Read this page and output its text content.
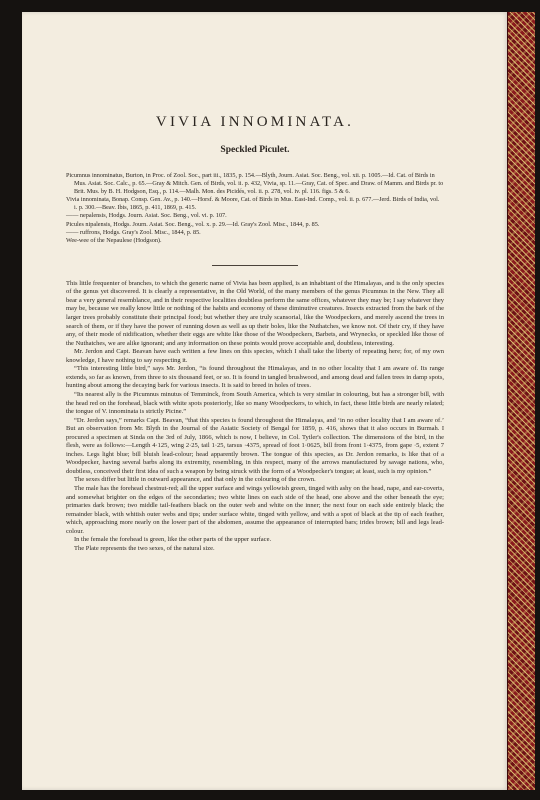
VIVIA INNOMINATA.
Speckled Piculet.

Picumnus innominatus, Burton, in Proc. of Zool. Soc., part iii., 1835, p. 154.—Blyth, Journ. Asiat. Soc. Beng., vol. xii. p. 1005.—Id. Cat. of Birds in Mus. Asiat. Soc. Calc., p. 65.—Gray & Mitch. Gen. of Birds, vol. ii. p. 432, Vivia, sp. 11.—Gray, Cat. of Spec. and Draw. of Mamm. and Birds pr. to Brit. Mus. by B. H. Hodgson, Esq., p. 114.—Malh. Mon. des Picidés, vol. ii. p. 278, vol. iv. pl. 116. figs. 5 & 6.

Vivia innominata, Bonap. Consp. Gen. Av., p. 140.—Horsf. & Moore, Cat. of Birds in Mus. East-Ind. Comp., vol. ii. p. 677.—Jerd. Birds of India, vol. i. p. 300.—Beav. Ibis, 1865, p. 411, 1869, p. 415.

—— nepalensis, Hodgs. Journ. Asiat. Soc. Beng., vol. vi. p. 107.

Picules nipalensis, Hodgs. Journ. Asiat. Soc. Beng., vol. x. p. 29.—Id. Gray's Zool. Misc., 1844, p. 85.

—— ruffrons, Hodgs. Gray's Zool. Misc., 1844, p. 85.

Wee-wee of the Nepaulese (Hodgson).

This little frequenter of branches, to which the generic name of Vivia has been applied, is an inhabitant of the Himalayas, and is the only species of the genus yet discovered. It is clearly a representative, in the Old World, of the many members of the genus Picumnus in the New. They all bear a very general resemblance, and in their respective localities doubtless perform the same offices, whatever they may be; I say whatever they may be, because we really know little or nothing of the habits and economy of these diminutive creatures. Insects extracted from the bark of the larger trees probably constitute their principal food; but whether they are truly scansorial, like the Woodpeckers, and merely ascend the trees in search of them, or if they have the power of running down as well as up their boles, like the Nuthatches, we know not. Of their cry, if they have any, of their mode of nidification, whether their eggs are white like those of the Woodpeckers, Barbets, and Wrynecks, or speckled like those of the Nuthatches, we are alike ignorant; and any information on these points would prove acceptable and, doubtless, interesting.

Mr. Jerdon and Capt. Beavan have each written a few lines on this species, which I shall take the liberty of repeating here; for, of my own knowledge, I have nothing to say respecting it.

“This interesting little bird,” says Mr. Jerdon, “is found throughout the Himalayas, and in no other locality that I am aware of. Its range extends, so far as known, from three to six thousand feet, or so. It is found in tangled brushwood, and among dead and fallen trees in damp spots, hunting about among the decaying bark for various insects. It is said to breed in holes of trees.

“Its nearest ally is the Picumnus minutus of Temminck, from South America, which is very similar in colouring, but has a stronger bill, with the head red on the forehead, black with white spots posteriorly, like so many Woodpeckers, to which, in fact, these little birds are nearly related; the tongue of V. innominata is strictly Picine.”

“Dr. Jerdon says,” remarks Capt. Beavan, “that this species is found throughout the Himalayas, and ‘in no other locality that I am aware of.’ But an observation from Mr. Blyth in the Journal of the Asiatic Society of Bengal for 1859, p. 416, shows that it also occurs in Burmah. I procured a specimen at Sinda on the 3rd of July, 1866, which is now, I believe, in Col. Tytler's collection. The dimensions of the bird, in the flesh, were as follows:—Length 4·125, wing 2·25, tail 1·25, tarsus ·4375, spread of foot 1·0625, bill from front 1·4375, from gape ·5, extent 7 inches. Legs light blue; bill bluish lead-colour; head apparently brown. The tongue of this species, as Dr. Jerdon remarks, is like that of a Woodpecker, having several barbs along its extremity, resembling, in this respect, many of the arrows manufactured by savage nations, who, doubtless, conceived their first idea of such a weapon by being struck with the form of a Woodpecker's tongue; at least, such is my opinion.”

The sexes differ but little in outward appearance, and that only in the colouring of the crown.

The male has the forehead chestnut-red; all the upper surface and wings yellowish green, tinged with ashy on the head, nape, and ear-coverts, and somewhat brighter on the edges of the secondaries; two white lines on each side of the head, one above and the other beneath the eye; primaries dark brown; two middle tail-feathers black on the outer web and white on the inner; the next four on each side entirely black; the remainder black, with whitish outer webs and tips; under surface white, tinged with yellow, and with a spot of black at the tip of each feather, which, approaching more nearly on the lower part of the abdomen, assume the appearance of interrupted bars; irides brown; bill and legs lead-colour.

In the female the forehead is green, like the other parts of the upper surface.

The Plate represents the two sexes, of the natural size.
